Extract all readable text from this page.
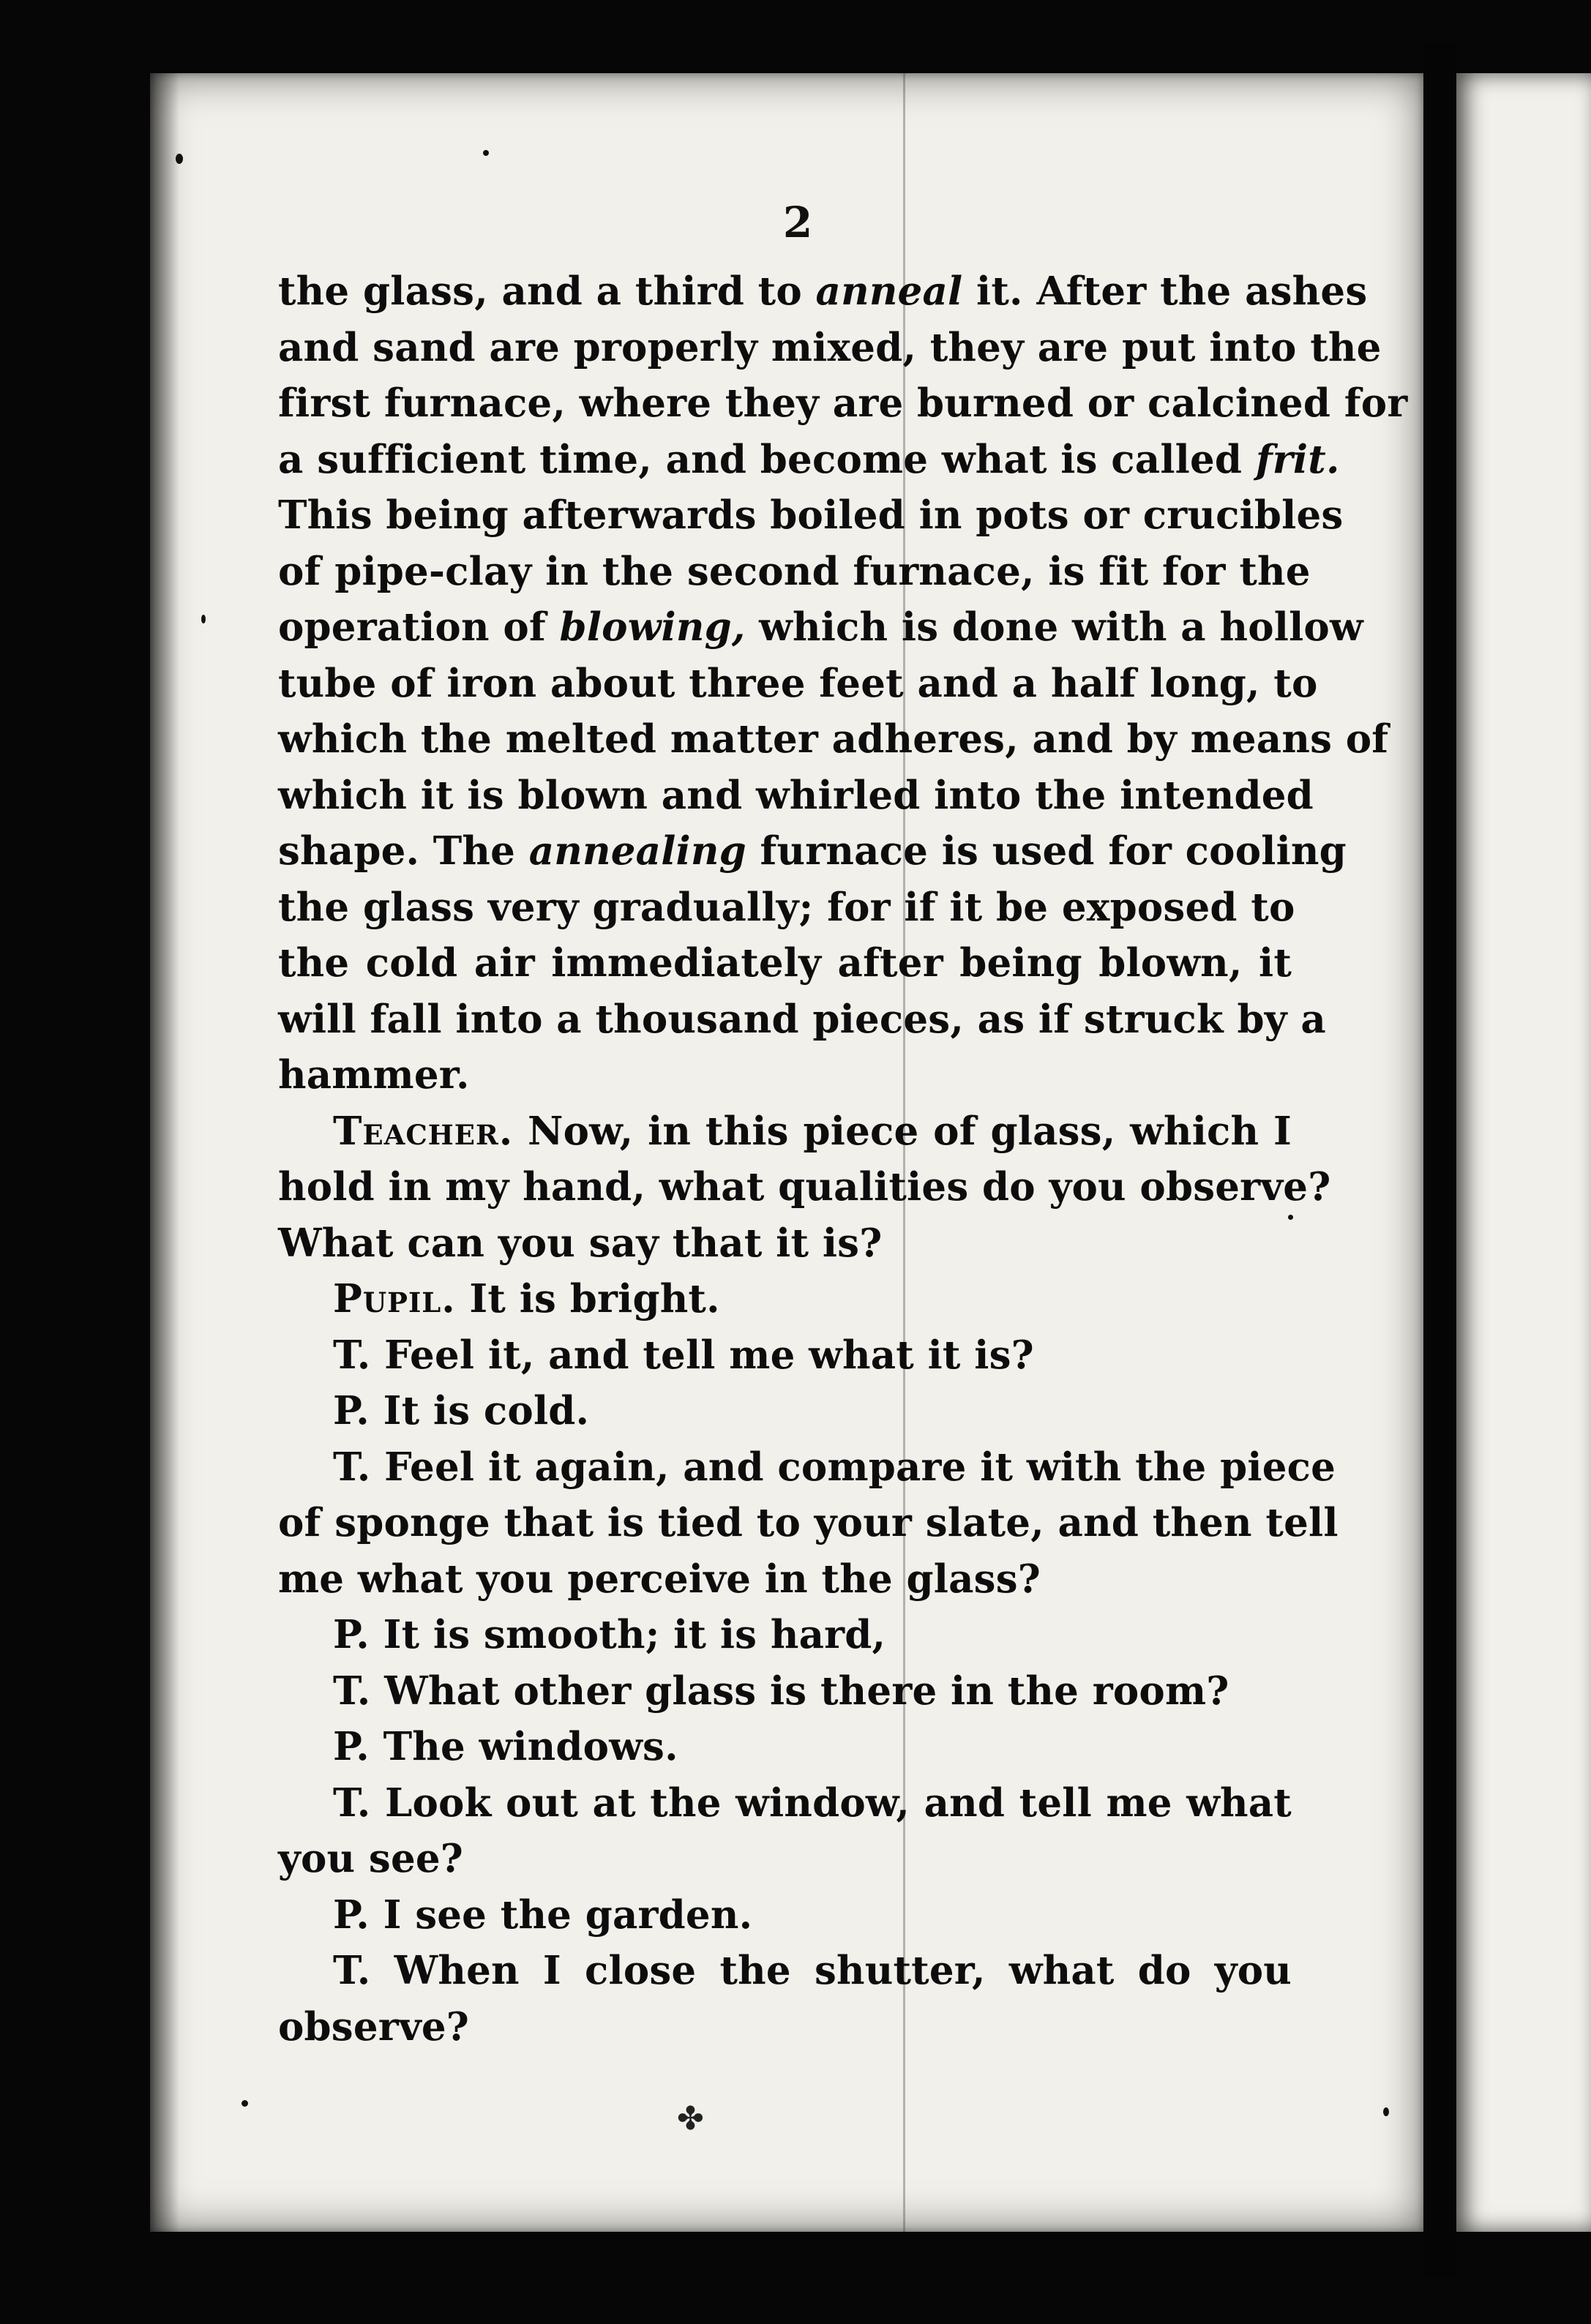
2
the glass, and a third to anneal it. After the ashes
and sand are properly mixed, they are put into the
first furnace, where they are burned or calcined for
a sufficient time, and become what is called frit.
This being afterwards boiled in pots or crucibles
of pipe-clay in the second furnace, is fit for the
operation of blowing, which is done with a hollow
tube of iron about three feet and a half long, to
which the melted matter adheres, and by means of
which it is blown and whirled into the intended
shape. The annealing furnace is used for cooling
the glass very gradually; for if it be exposed to
the cold air immediately after being blown, it
will fall into a thousand pieces, as if struck by a
hammer.
Teacher. Now, in this piece of glass, which I
hold in my hand, what qualities do you observe?
What can you say that it is?
Pupil. It is bright.
T. Feel it, and tell me what it is?
P. It is cold.
T. Feel it again, and compare it with the piece
of sponge that is tied to your slate, and then tell
me what you perceive in the glass?
P. It is smooth; it is hard,
T. What other glass is there in the room?
P. The windows.
T. Look out at the window, and tell me what
you see?
P. I see the garden.
T. When I close the shutter, what do you
observe?
✤
